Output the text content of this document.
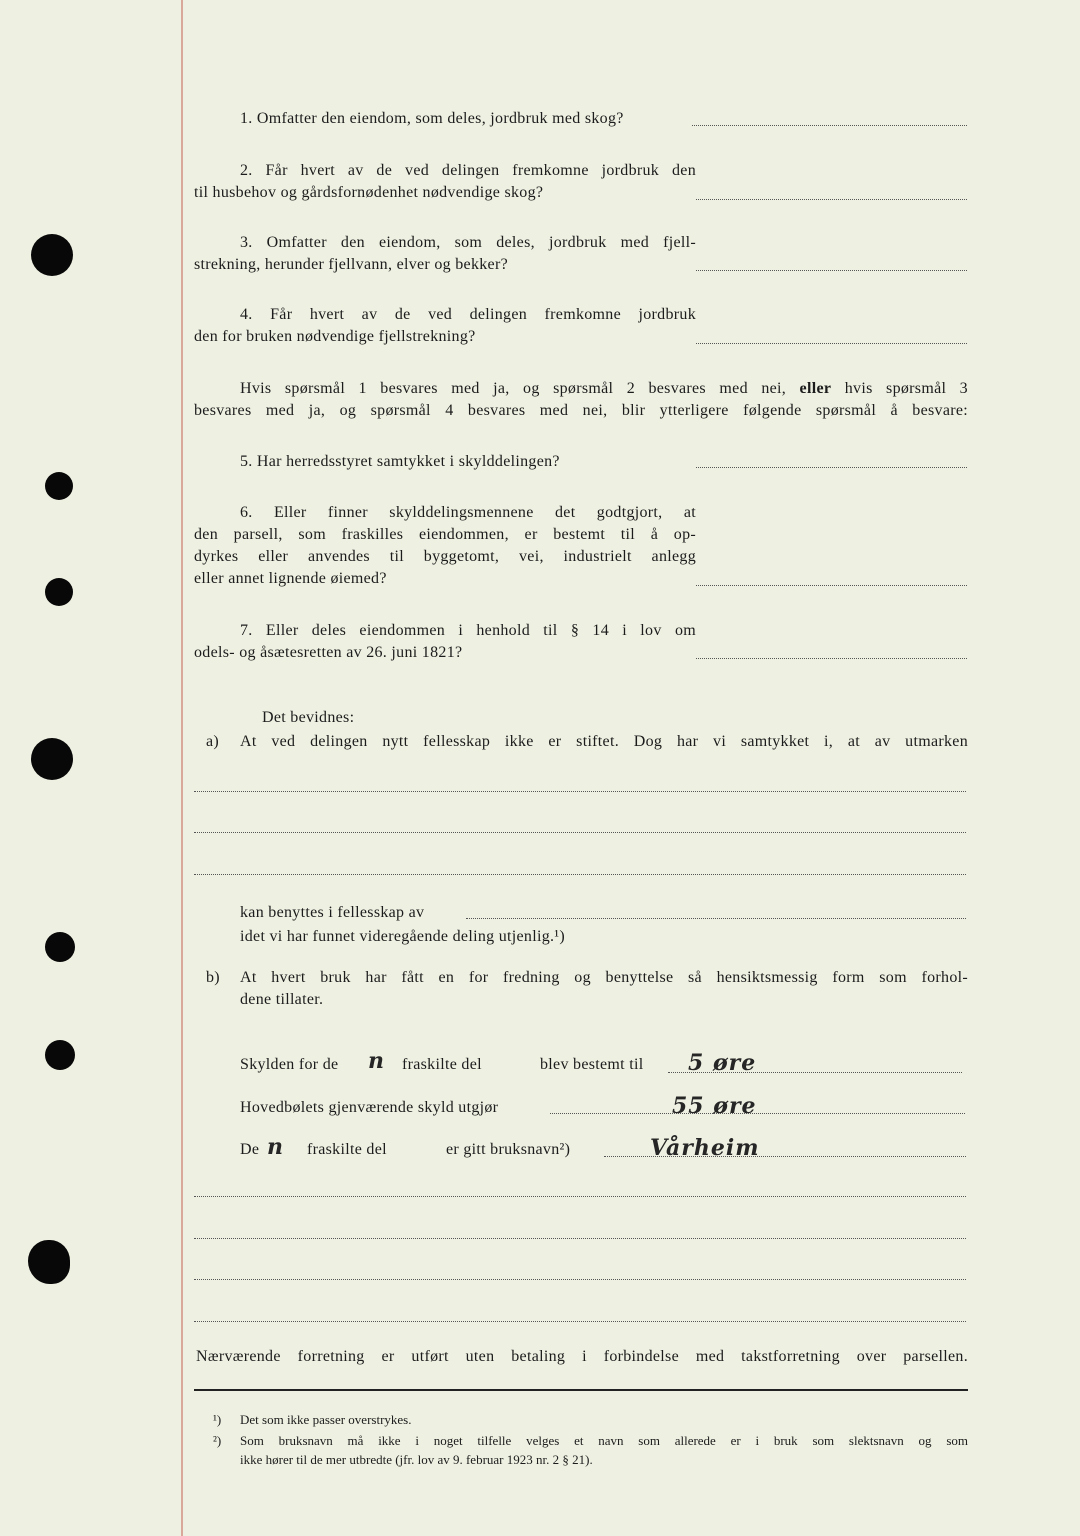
1. Omfatter den eiendom, som deles, jordbruk med skog?
2. Får hvert av de ved delingen fremkomne jordbruk den
til husbehov og gårdsfornødenhet nødvendige skog?
3. Omfatter den eiendom, som deles, jordbruk med fjell-
strekning, herunder fjellvann, elver og bekker?
4. Får hvert av de ved delingen fremkomne jordbruk
den for bruken nødvendige fjellstrekning?
Hvis spørsmål 1 besvares med ja, og spørsmål 2 besvares med nei, eller hvis spørsmål 3
besvares med ja, og spørsmål 4 besvares med nei, blir ytterligere følgende spørsmål å besvare:
5. Har herredsstyret samtykket i skylddelingen?
6. Eller finner skylddelingsmennene det godtgjort, at
den parsell, som fraskilles eiendommen, er bestemt til å op-
dyrkes eller anvendes til byggetomt, vei, industrielt anlegg
eller annet lignende øiemed?
7. Eller deles eiendommen i henhold til § 14 i lov om
odels- og åsætesretten av 26. juni 1821?
Det bevidnes:
a) At ved delingen nytt fellesskap ikke er stiftet. Dog har vi samtykket i, at av utmarken
kan benyttes i fellesskap av
idet vi har funnet videregående deling utjenlig.¹)
b) At hvert bruk har fått en for fredning og benyttelse så hensiktsmessig form som forhol-
dene tillater.
Skylden for de n fraskilte del	blev bestemt til 5 øre
Hovedbølets gjenværende skyld utgjør	55 øre
De n fraskilte del	er gitt bruksnavn²)	Vårheim
Nærværende forretning er utført uten betaling i forbindelse med takstforretning over parsellen.
¹) Det som ikke passer overstrykes.
²) Som bruksnavn må ikke i noget tilfelle velges et navn som allerede er i bruk som slektsnavn og som
ikke hører til de mer utbredte (jfr. lov av 9. februar 1923 nr. 2 § 21).
